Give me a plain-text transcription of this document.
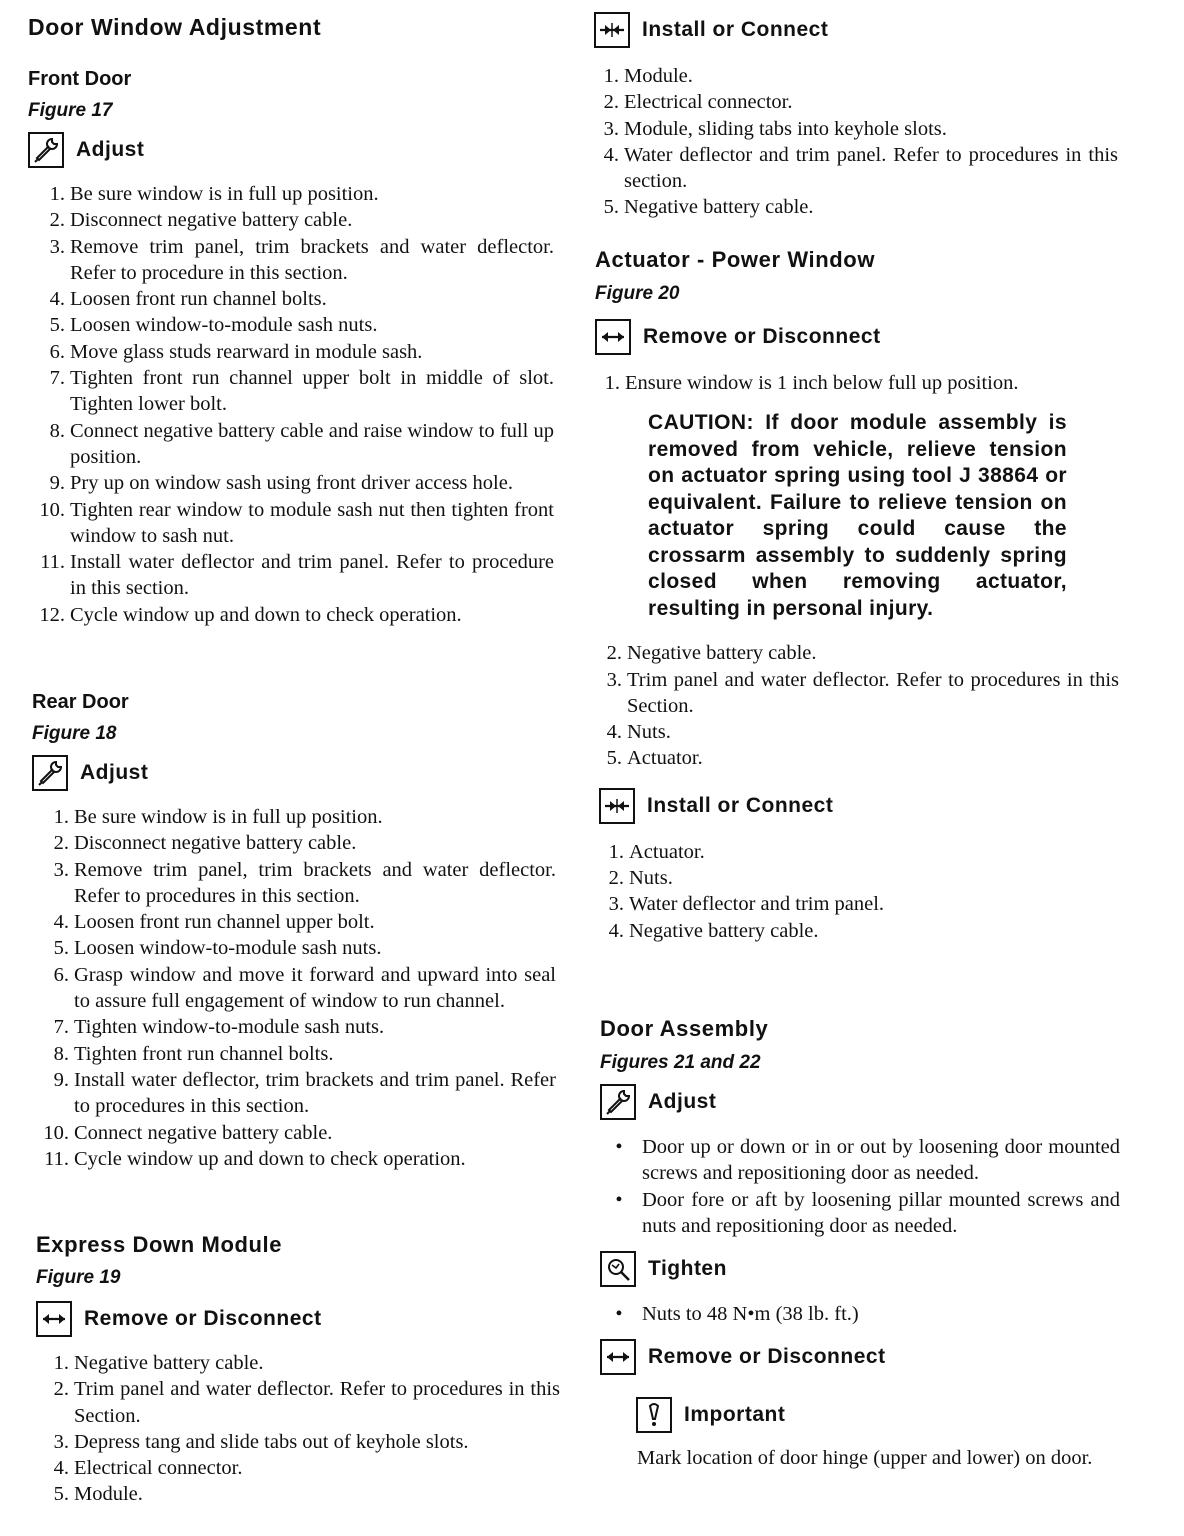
Door Window Adjustment

Front Door

Figure 17

Adjust
1. Be sure window is in full up position.
2. Disconnect negative battery cable.
3. Remove trim panel, trim brackets and water deflector. Refer to procedure in this section.
4. Loosen front run channel bolts.
5. Loosen window-to-module sash nuts.
6. Move glass studs rearward in module sash.
7. Tighten front run channel upper bolt in middle of slot. Tighten lower bolt.
8. Connect negative battery cable and raise window to full up position.
9. Pry up on window sash using front driver access hole.
10. Tighten rear window to module sash nut then tighten front window to sash nut.
11. Install water deflector and trim panel. Refer to procedure in this section.
12. Cycle window up and down to check operation.

Rear Door

Figure 18

Adjust
1. Be sure window is in full up position.
2. Disconnect negative battery cable.
3. Remove trim panel, trim brackets and water deflector. Refer to procedures in this section.
4. Loosen front run channel upper bolt.
5. Loosen window-to-module sash nuts.
6. Grasp window and move it forward and upward into seal to assure full engagement of window to run channel.
7. Tighten window-to-module sash nuts.
8. Tighten front run channel bolts.
9. Install water deflector, trim brackets and trim panel. Refer to procedures in this section.
10. Connect negative battery cable.
11. Cycle window up and down to check operation.

Express Down Module

Figure 19

Remove or Disconnect
1. Negative battery cable.
2. Trim panel and water deflector. Refer to procedures in this Section.
3. Depress tang and slide tabs out of keyhole slots.
4. Electrical connector.
5. Module.
Install or Connect
1. Module.
2. Electrical connector.
3. Module, sliding tabs into keyhole slots.
4. Water deflector and trim panel. Refer to procedures in this section.
5. Negative battery cable.

Actuator - Power Window

Figure 20

Remove or Disconnect
1. Ensure window is 1 inch below full up position.

CAUTION: If door module assembly is removed from vehicle, relieve tension on actuator spring using tool J 38864 or equivalent. Failure to relieve tension on actuator spring could cause the crossarm assembly to suddenly spring closed when removing actuator, resulting in personal injury.

2. Negative battery cable.
3. Trim panel and water deflector. Refer to procedures in this Section.
4. Nuts.
5. Actuator.
Install or Connect
1. Actuator.
2. Nuts.
3. Water deflector and trim panel.
4. Negative battery cable.

Door Assembly

Figures 21 and 22

Adjust
• Door up or down or in or out by loosening door mounted screws and repositioning door as needed.
• Door fore or aft by loosening pillar mounted screws and nuts and repositioning door as needed.
Tighten
• Nuts to 48 N•m (38 lb. ft.)
Remove or Disconnect
Important

Mark location of door hinge (upper and lower) on door.
